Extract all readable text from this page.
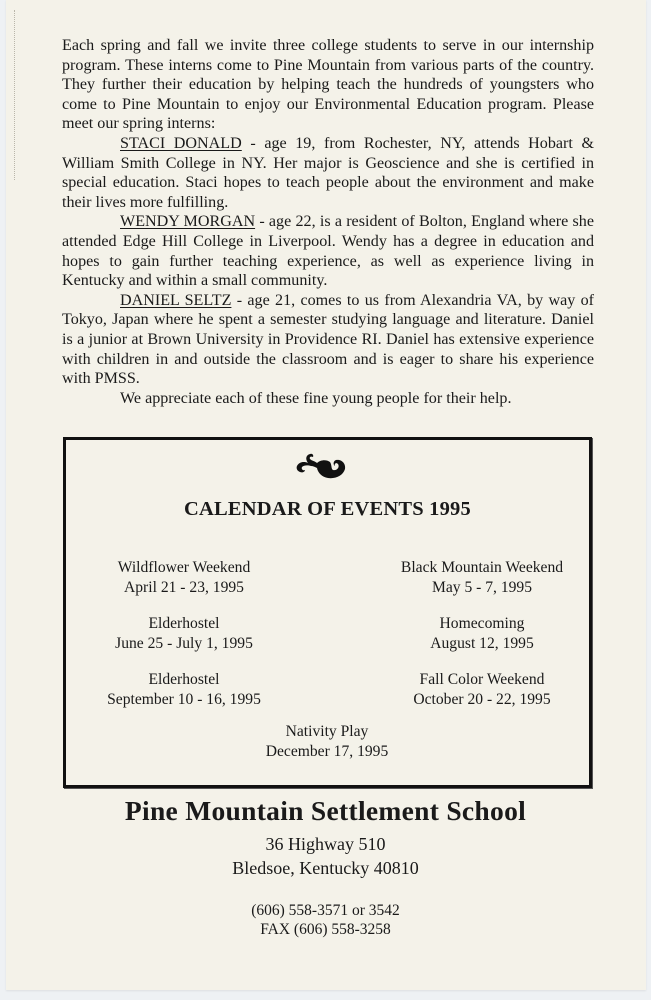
Each spring and fall we invite three college students to serve in our internship program. These interns come to Pine Mountain from various parts of the country. They further their education by helping teach the hundreds of youngsters who come to Pine Mountain to enjoy our Environmental Education program. Please meet our spring interns:

STACI DONALD - age 19, from Rochester, NY, attends Hobart & William Smith College in NY. Her major is Geoscience and she is certified in special education. Staci hopes to teach people about the environment and make their lives more fulfilling.

WENDY MORGAN - age 22, is a resident of Bolton, England where she attended Edge Hill College in Liverpool. Wendy has a degree in education and hopes to gain further teaching experience, as well as experience living in Kentucky and within a small community.

DANIEL SELTZ - age 21, comes to us from Alexandria VA, by way of Tokyo, Japan where he spent a semester studying language and literature. Daniel is a junior at Brown University in Providence RI. Daniel has extensive experience with children in and outside the classroom and is eager to share his experience with PMSS.

We appreciate each of these fine young people for their help.

CALENDAR OF EVENTS 1995
Wildflower Weekend
April 21 - 23, 1995
Black Mountain Weekend
May 5 - 7, 1995
Elderhostel
June 25 - July 1, 1995
Homecoming
August 12, 1995
Elderhostel
September 10 - 16, 1995
Fall Color Weekend
October 20 - 22, 1995
Nativity Play
December 17, 1995
Pine Mountain Settlement School
36 Highway 510
Bledsoe, Kentucky 40810
(606) 558-3571 or 3542
FAX (606) 558-3258
